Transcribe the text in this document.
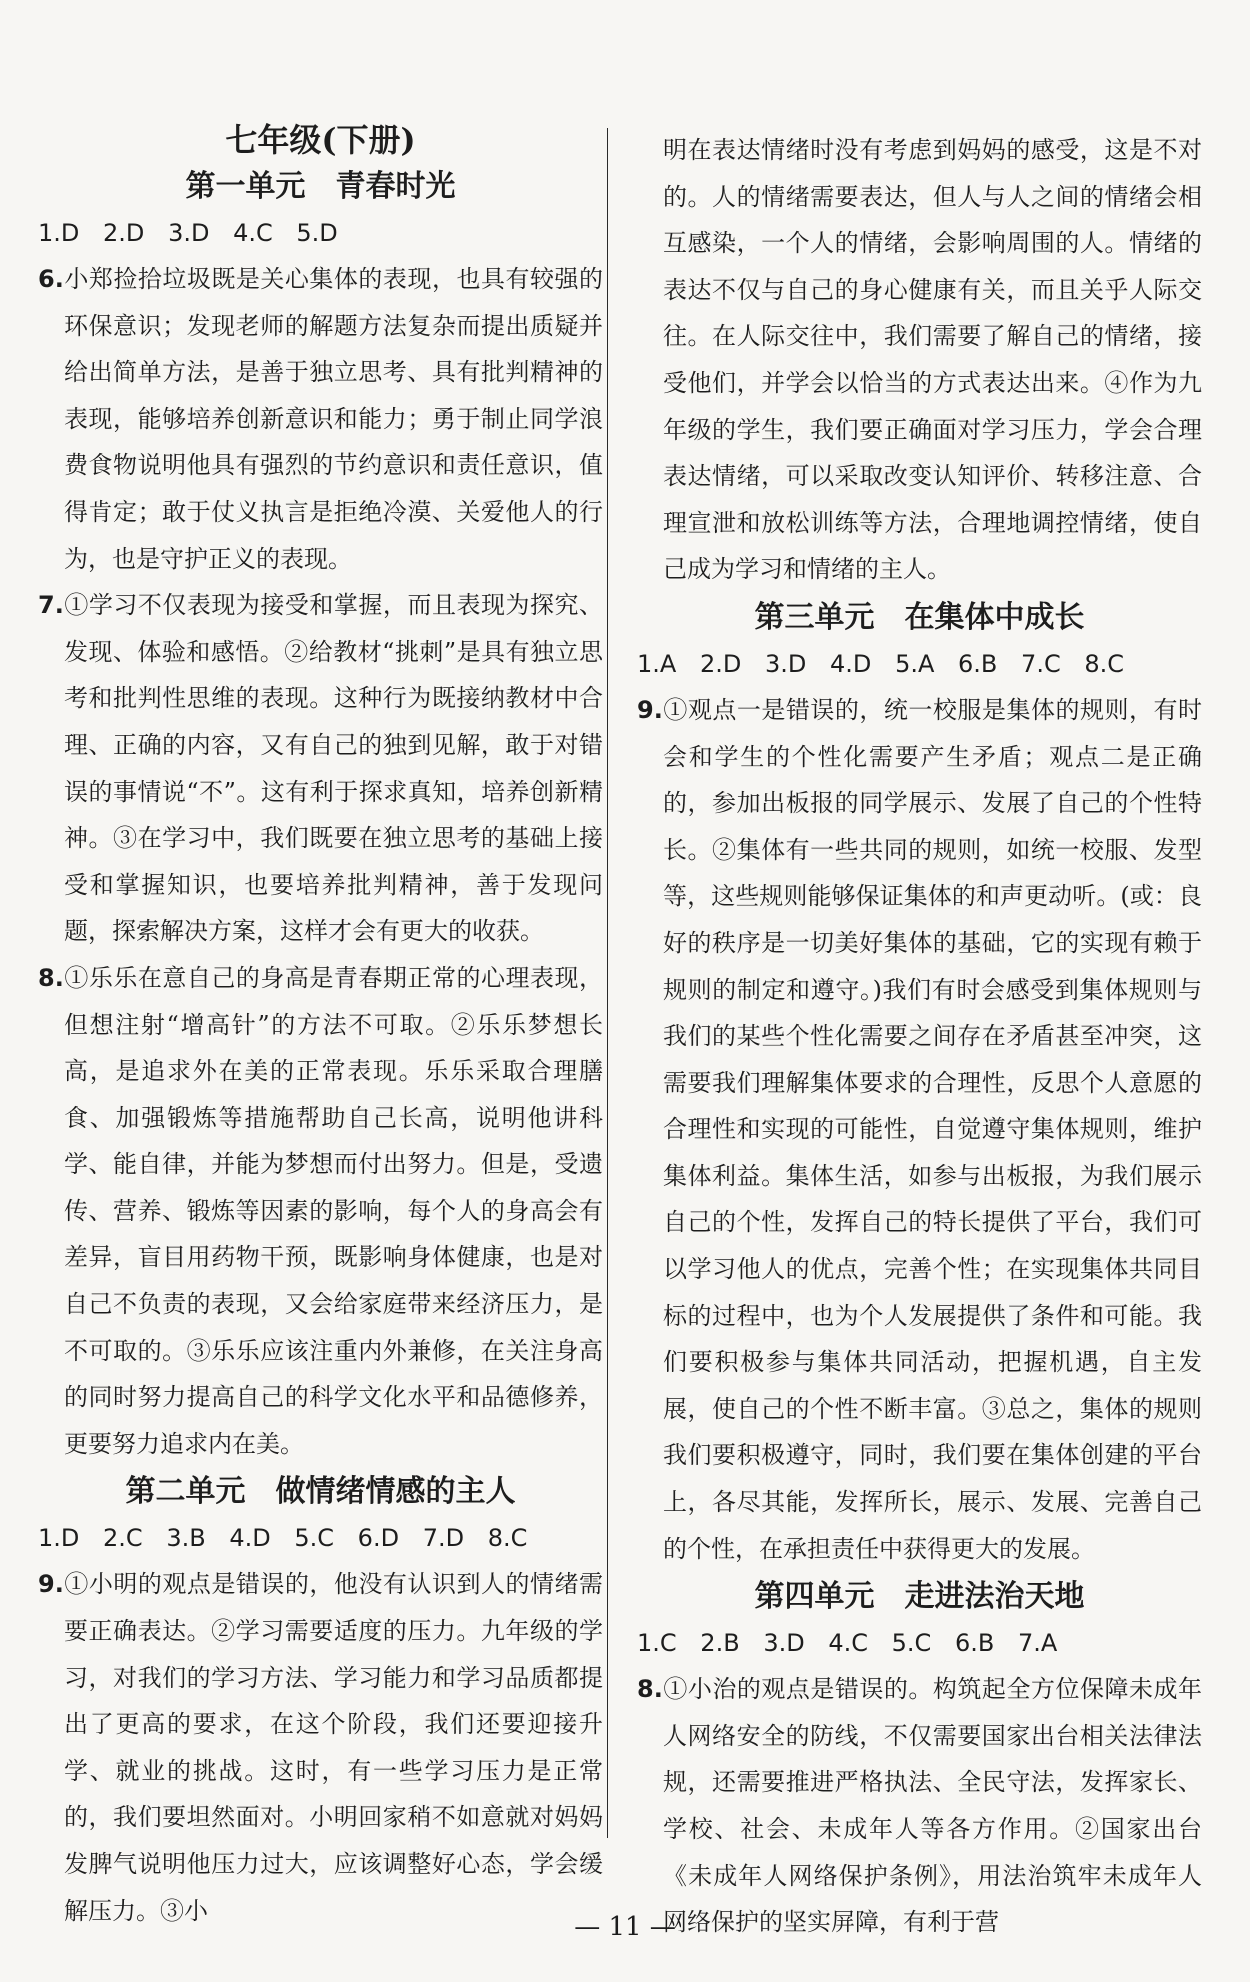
七年级(下册)

第一单元　青春时光

1.D 2.D 3.D 4.C 5.D

6.小郑捡拾垃圾既是关心集体的表现，也具有较强的环保意识；发现老师的解题方法复杂而提出质疑并给出简单方法，是善于独立思考、具有批判精神的表现，能够培养创新意识和能力；勇于制止同学浪费食物说明他具有强烈的节约意识和责任意识，值得肯定；敢于仗义执言是拒绝冷漠、关爱他人的行为，也是守护正义的表现。

7.①学习不仅表现为接受和掌握，而且表现为探究、发现、体验和感悟。②给教材“挑刺”是具有独立思考和批判性思维的表现。这种行为既接纳教材中合理、正确的内容，又有自己的独到见解，敢于对错误的事情说“不”。这有利于探求真知，培养创新精神。③在学习中，我们既要在独立思考的基础上接受和掌握知识，也要培养批判精神，善于发现问题，探索解决方案，这样才会有更大的收获。

8.①乐乐在意自己的身高是青春期正常的心理表现，但想注射“增高针”的方法不可取。②乐乐梦想长高，是追求外在美的正常表现。乐乐采取合理膳食、加强锻炼等措施帮助自己长高，说明他讲科学、能自律，并能为梦想而付出努力。但是，受遗传、营养、锻炼等因素的影响，每个人的身高会有差异，盲目用药物干预，既影响身体健康，也是对自己不负责的表现，又会给家庭带来经济压力，是不可取的。③乐乐应该注重内外兼修，在关注身高的同时努力提高自己的科学文化水平和品德修养，更要努力追求内在美。

第二单元　做情绪情感的主人

1.D 2.C 3.B 4.D 5.C 6.D 7.D 8.C

9.①小明的观点是错误的，他没有认识到人的情绪需要正确表达。②学习需要适度的压力。九年级的学习，对我们的学习方法、学习能力和学习品质都提出了更高的要求，在这个阶段，我们还要迎接升学、就业的挑战。这时，有一些学习压力是正常的，我们要坦然面对。小明回家稍不如意就对妈妈发脾气说明他压力过大，应该调整好心态，学会缓解压力。③小

明在表达情绪时没有考虑到妈妈的感受，这是不对的。人的情绪需要表达，但人与人之间的情绪会相互感染，一个人的情绪，会影响周围的人。情绪的表达不仅与自己的身心健康有关，而且关乎人际交往。在人际交往中，我们需要了解自己的情绪，接受他们，并学会以恰当的方式表达出来。④作为九年级的学生，我们要正确面对学习压力，学会合理表达情绪，可以采取改变认知评价、转移注意、合理宣泄和放松训练等方法，合理地调控情绪，使自己成为学习和情绪的主人。

第三单元　在集体中成长

1.A 2.D 3.D 4.D 5.A 6.B 7.C 8.C

9.①观点一是错误的，统一校服是集体的规则，有时会和学生的个性化需要产生矛盾；观点二是正确的，参加出板报的同学展示、发展了自己的个性特长。②集体有一些共同的规则，如统一校服、发型等，这些规则能够保证集体的和声更动听。(或：良好的秩序是一切美好集体的基础，它的实现有赖于规则的制定和遵守。)我们有时会感受到集体规则与我们的某些个性化需要之间存在矛盾甚至冲突，这需要我们理解集体要求的合理性，反思个人意愿的合理性和实现的可能性，自觉遵守集体规则，维护集体利益。集体生活，如参与出板报，为我们展示自己的个性，发挥自己的特长提供了平台，我们可以学习他人的优点，完善个性；在实现集体共同目标的过程中，也为个人发展提供了条件和可能。我们要积极参与集体共同活动，把握机遇，自主发展，使自己的个性不断丰富。③总之，集体的规则我们要积极遵守，同时，我们要在集体创建的平台上，各尽其能，发挥所长，展示、发展、完善自己的个性，在承担责任中获得更大的发展。

第四单元　走进法治天地

1.C 2.B 3.D 4.C 5.C 6.B 7.A

8.①小治的观点是错误的。构筑起全方位保障未成年人网络安全的防线，不仅需要国家出台相关法律法规，还需要推进严格执法、全民守法，发挥家长、学校、社会、未成年人等各方作用。②国家出台《未成年人网络保护条例》，用法治筑牢未成年人网络保护的坚实屏障，有利于营

— 11 —
